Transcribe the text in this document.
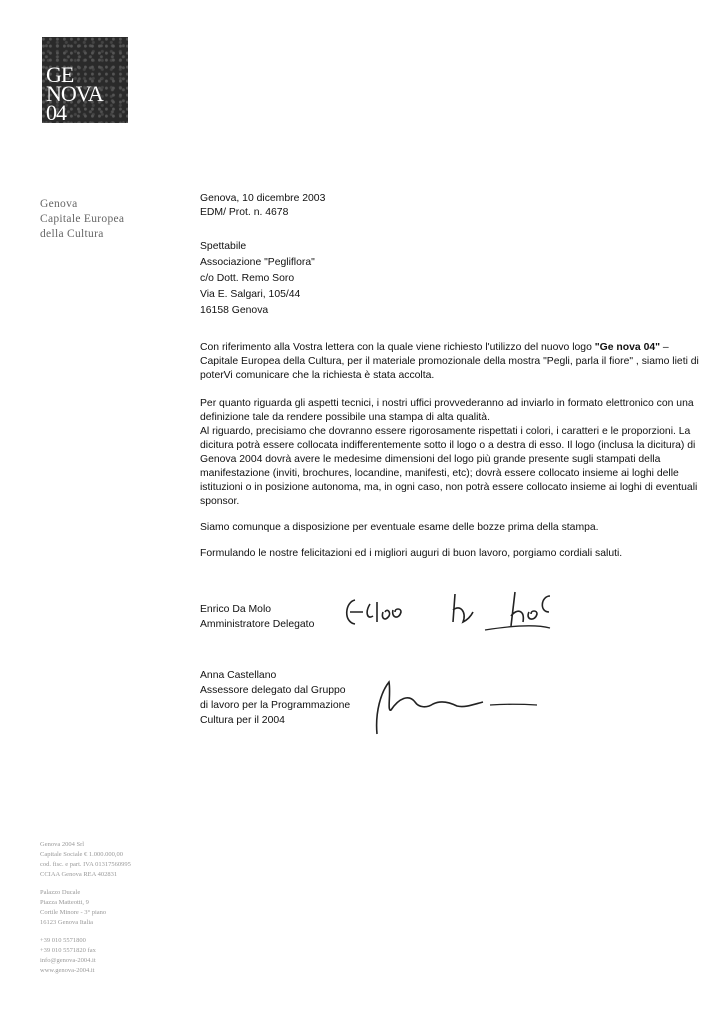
GE
NOVA
04
Genova
Capitale Europea
della Cultura
Genova, 10 dicembre 2003
EDM/ Prot. n. 4678
Spettabile
Associazione "Pegliflora"
c/o Dott. Remo Soro
Via E. Salgari, 105/44
16158 Genova

Con riferimento alla Vostra lettera con la quale viene richiesto l'utilizzo del nuovo logo "Ge nova 04" – Capitale Europea della Cultura, per il materiale promozionale della mostra "Pegli, parla il fiore" , siamo lieti di poterVi comunicare che la richiesta è stata accolta.

Per quanto riguarda gli aspetti tecnici, i nostri uffici provvederanno ad inviarlo in formato elettronico con una definizione tale da rendere possibile una stampa di alta qualità.
Al riguardo, precisiamo che dovranno essere rigorosamente rispettati i colori, i caratteri e le proporzioni. La dicitura potrà essere collocata indifferentemente sotto il logo o a destra di esso. Il logo (inclusa la dicitura) di Genova 2004 dovrà avere le medesime dimensioni del logo più grande presente sugli stampati della manifestazione (inviti, brochures, locandine, manifesti, etc); dovrà essere collocato insieme ai loghi delle istituzioni o in posizione autonoma, ma, in ogni caso, non potrà essere collocato insieme ai loghi di eventuali sponsor.

Siamo comunque a disposizione per eventuale esame delle bozze prima della stampa.

Formulando le nostre felicitazioni ed i migliori auguri di buon lavoro, porgiamo cordiali saluti.

Enrico Da Molo
Amministratore Delegato
Anna Castellano
Assessore delegato dal Gruppo
di lavoro per la Programmazione
Cultura per il 2004
Genova 2004 Srl
Capitale Sociale € 1.000.000,00
cod. fisc. e part. IVA 01317560995
CCIAA Genova REA 402831
Palazzo Ducale
Piazza Matteotti, 9
Cortile Minore - 3° piano
16123 Genova Italia
+39 010 5571800
+39 010 5571820 fax
info@genova-2004.it
www.genova-2004.it
